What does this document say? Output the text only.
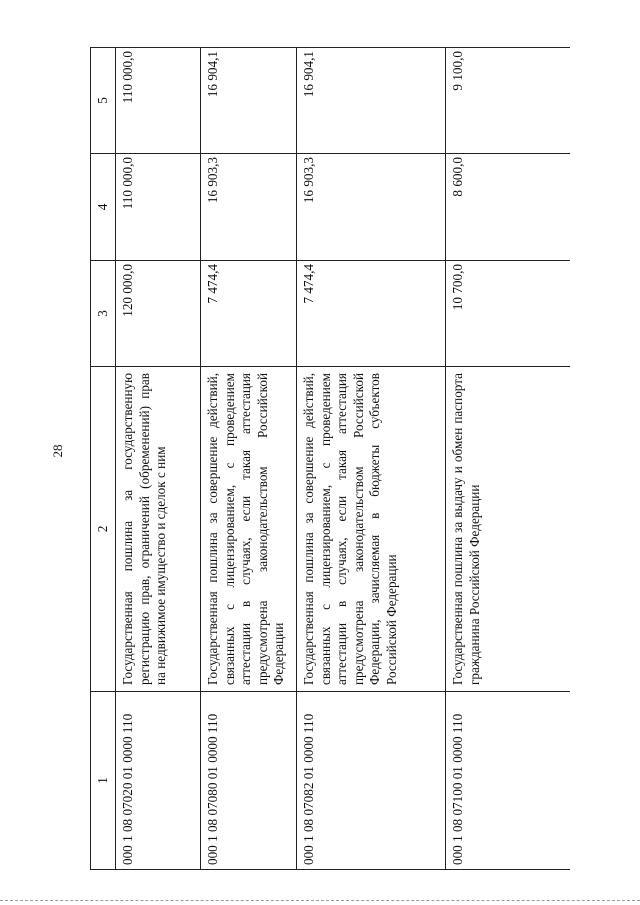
28
1	2	3	4	5
000 1 08 07020 01 0000 110	Государственная пошлина за государственную регистрацию прав, ограничений (обременений) прав на недвижимое имущество и сделок с ним	120 000,0	110 000,0	110 000,0
000 1 08 07080 01 0000 110	Государственная пошлина за совершение действий, связанных с лицензированием, с проведением аттестации в случаях, если такая аттестация предусмотрена законодательством Российской Федерации	7 474,4	16 903,3	16 904,1
000 1 08 07082 01 0000 110	Государственная пошлина за совершение действий, связанных с лицензированием, с проведением аттестации в случаях, если такая аттестация предусмотрена законодательством Российской Федерации, зачисляемая в бюджеты субъектов Российской Федерации	7 474,4	16 903,3	16 904,1
000 1 08 07100 01 0000 110	Государственная пошлина за выдачу и обмен паспорта гражданина Российской Федерации	10 700,0	8 600,0	9 100,0
